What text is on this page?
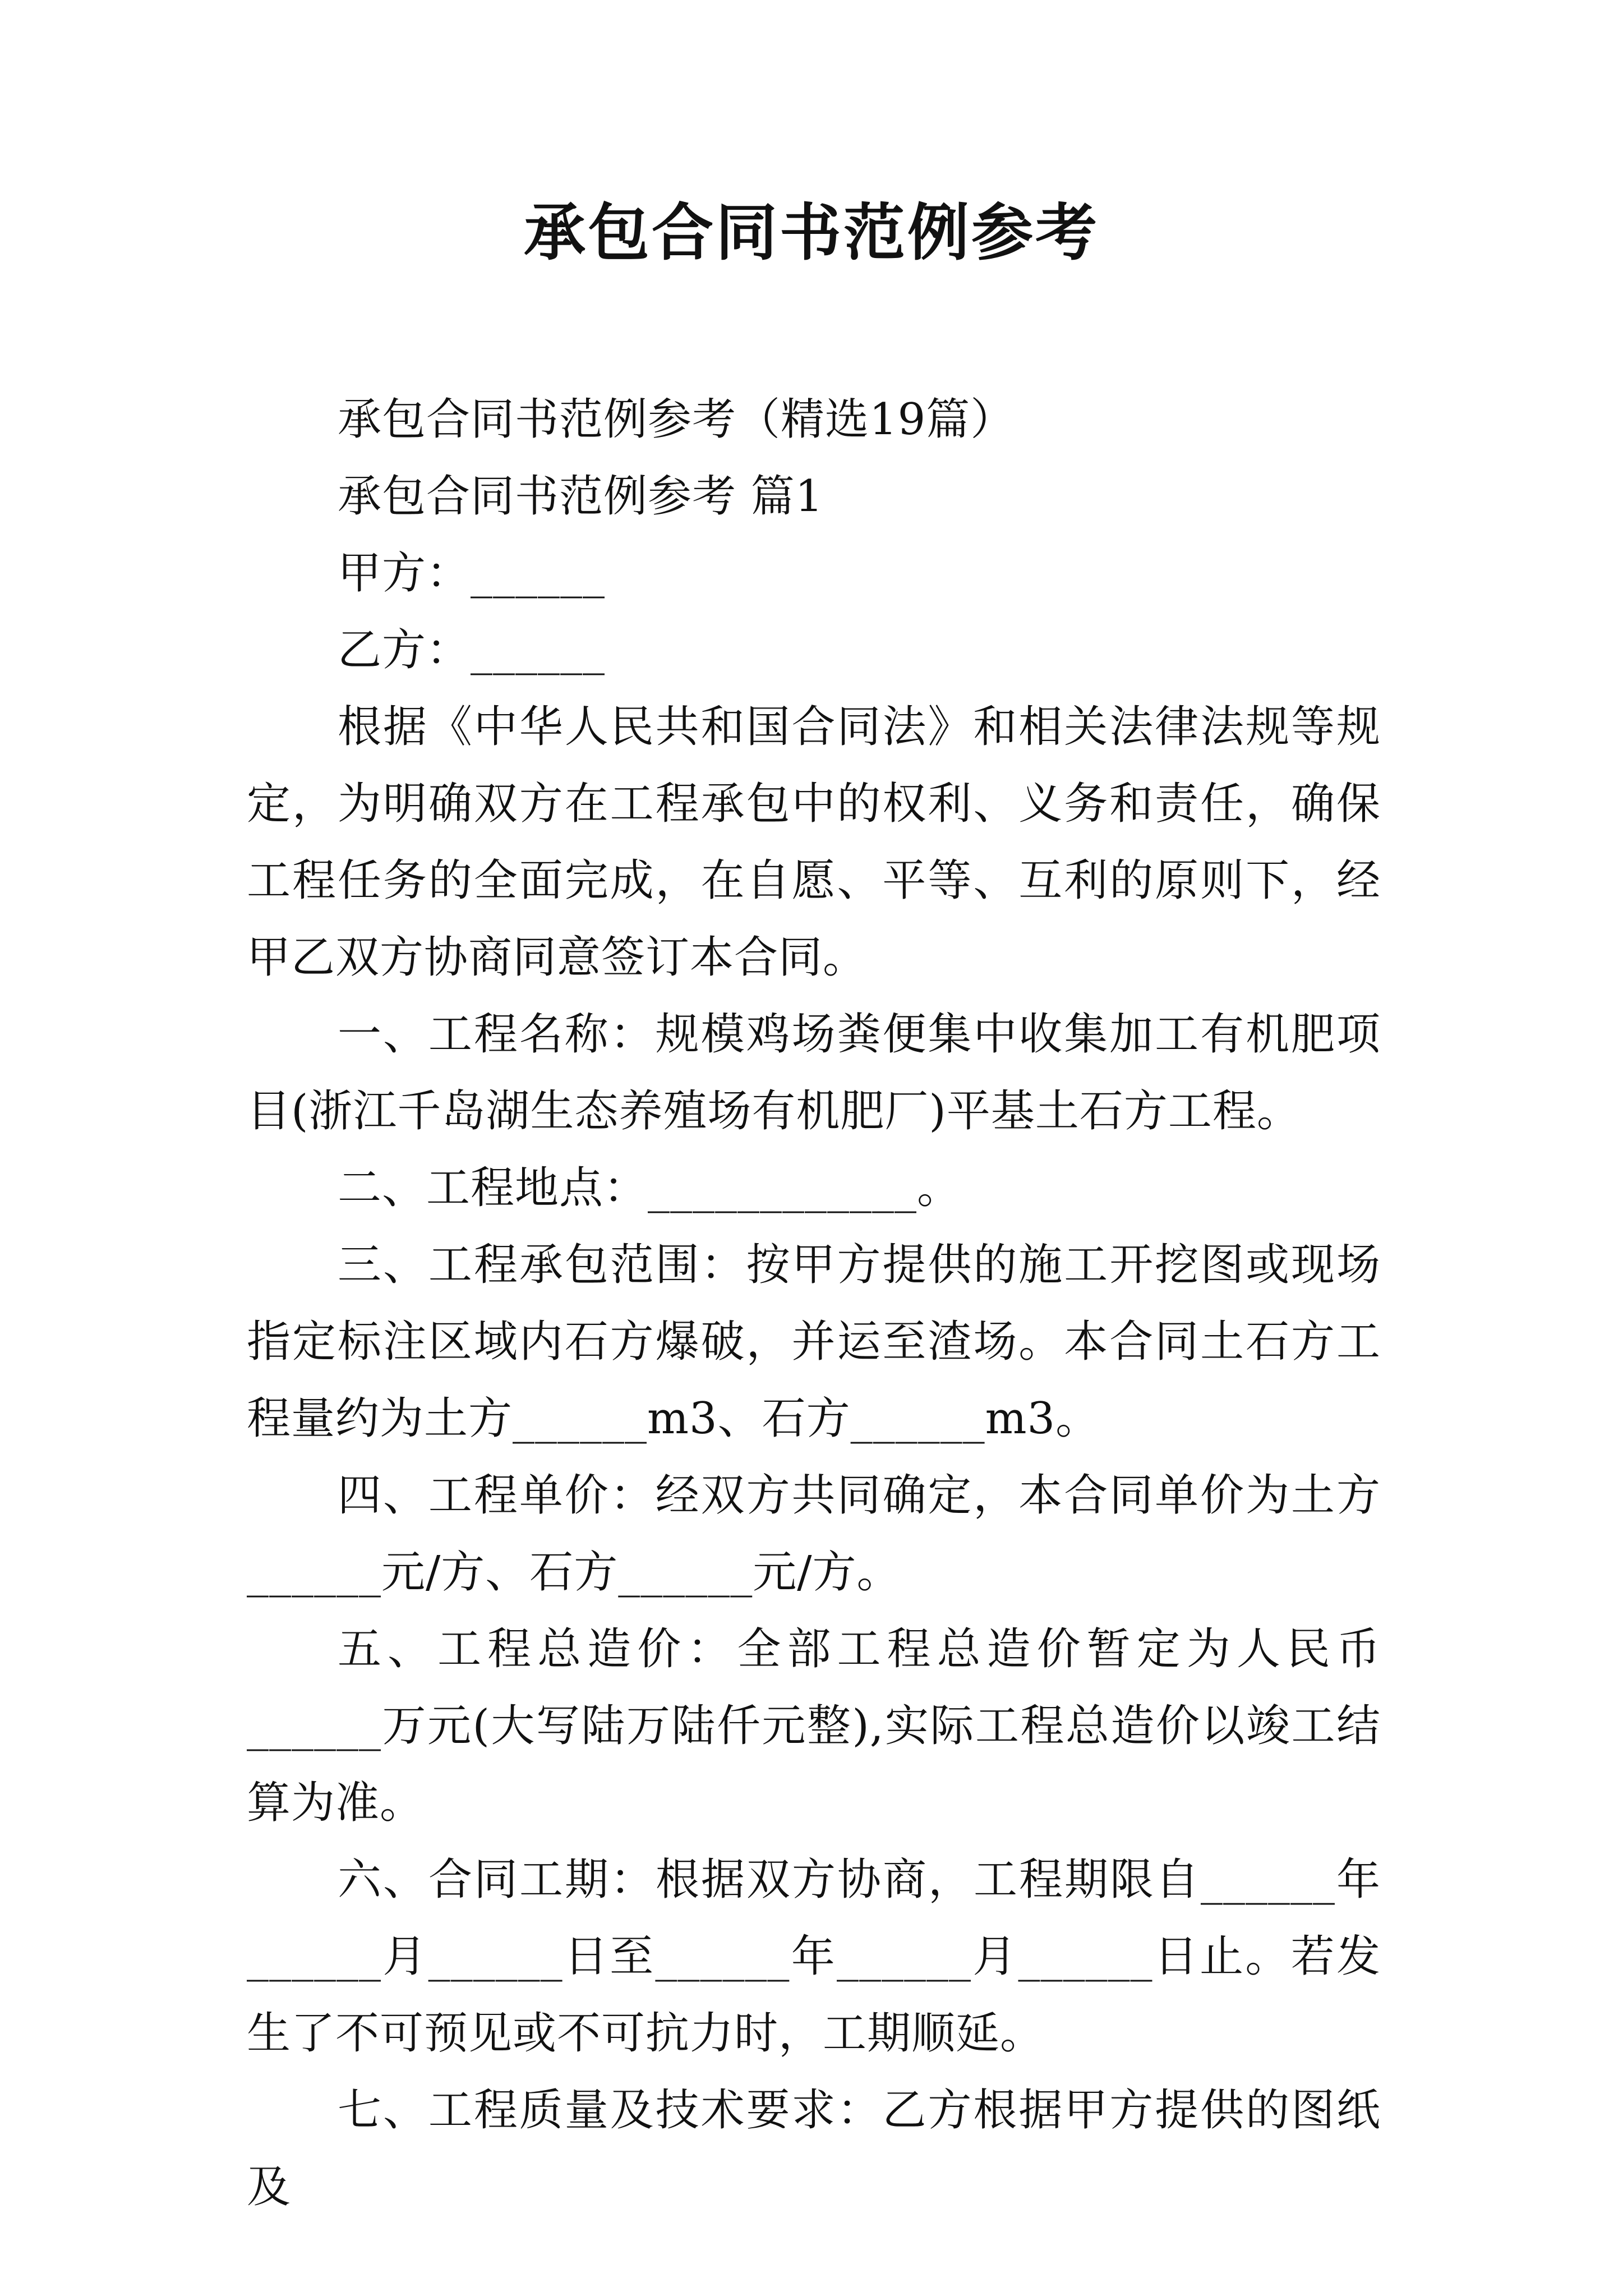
承包合同书范例参考

承包合同书范例参考（精选19篇）

承包合同书范例参考 篇1

甲方：______

乙方：______

根据《中华人民共和国合同法》和相关法律法规等规定，为明确双方在工程承包中的权利、义务和责任，确保工程任务的全面完成，在自愿、平等、互利的原则下，经甲乙双方协商同意签订本合同。

一、工程名称：规模鸡场粪便集中收集加工有机肥项目(浙江千岛湖生态养殖场有机肥厂)平基土石方工程。

二、工程地点：____________。

三、工程承包范围：按甲方提供的施工开挖图或现场指定标注区域内石方爆破，并运至渣场。本合同土石方工程量约为土方______m3、石方______m3。

四、工程单价：经双方共同确定，本合同单价为土方______元/方、石方______元/方。

五、工程总造价：全部工程总造价暂定为人民币______万元(大写陆万陆仟元整),实际工程总造价以竣工结算为准。

六、合同工期：根据双方协商，工程期限自______年______月______日至______年______月______日止。若发生了不可预见或不可抗力时，工期顺延。

七、工程质量及技术要求：乙方根据甲方提供的图纸及
